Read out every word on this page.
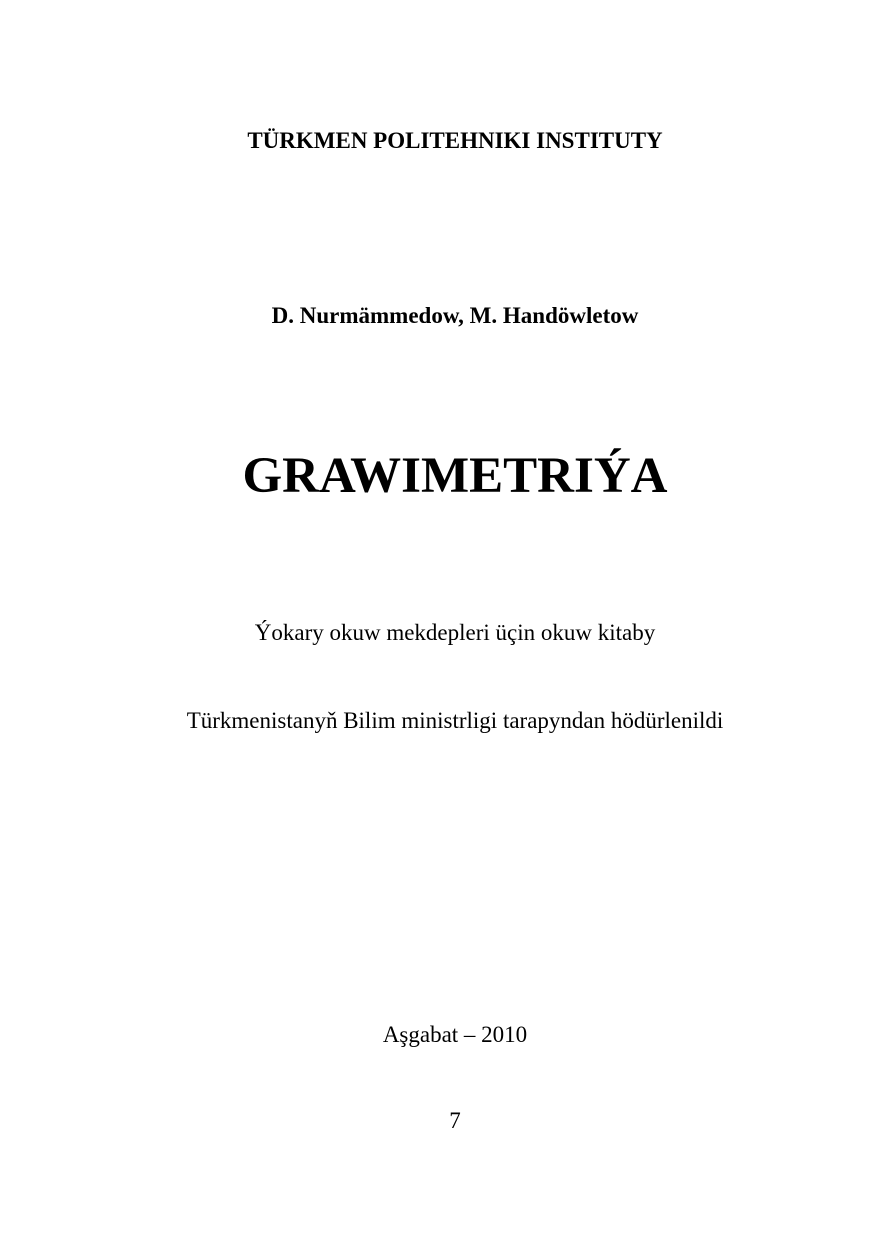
TÜRKMEN POLITEHNIKI INSTITUTY

D. Nurmämmedow, M. Handöwletow

GRAWIMETRIÝA

Ýokary okuw mekdepleri üçin okuw kitaby

Türkmenistanyň Bilim ministrligi tarapyndan hödürlenildi

Aşgabat – 2010

7
